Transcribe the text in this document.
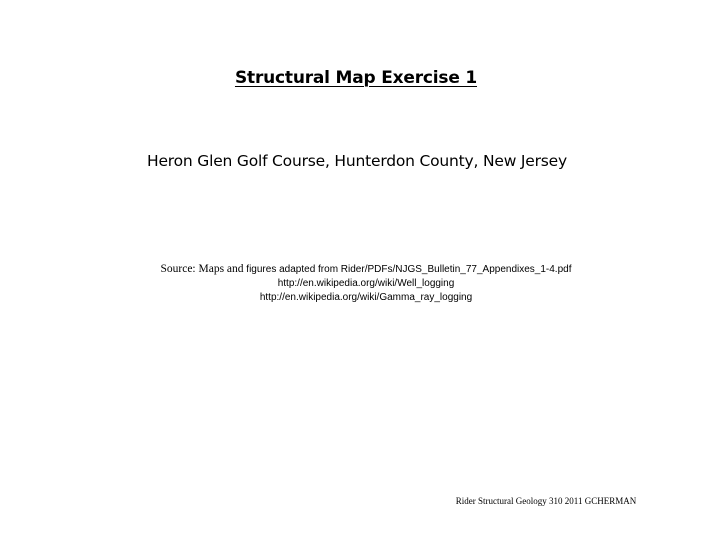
Structural Map Exercise 1
Heron Glen Golf Course, Hunterdon County, New Jersey
Source: Maps and figures adapted from Rider/PDFs/NJGS_Bulletin_77_Appendixes_1-4.pdf
http://en.wikipedia.org/wiki/Well_logging
http://en.wikipedia.org/wiki/Gamma_ray_logging
Rider Structural Geology 310 2011 GCHERMAN
